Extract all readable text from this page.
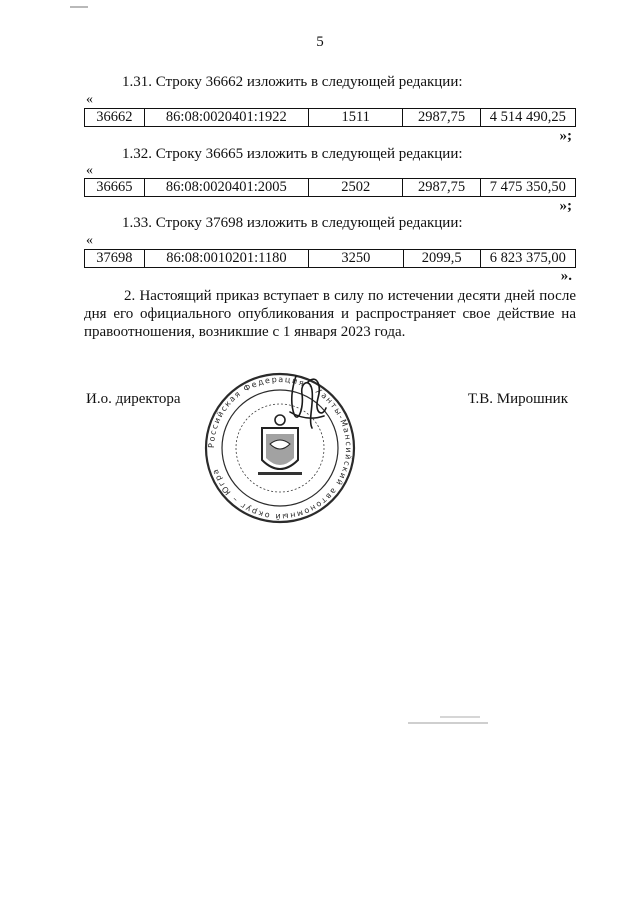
5
1.31. Строку 36662 изложить в следующей редакции:
«
36662	86:08:0020401:1922	1511	2987,75	4 514 490,25
»;
1.32. Строку 36665 изложить в следующей редакции:
«
36665	86:08:0020401:2005	2502	2987,75	7 475 350,50
»;
1.33. Строку 37698 изложить в следующей редакции:
«
37698	86:08:0010201:1180	3250	2099,5	6 823 375,00
».

2. Настоящий приказ вступает в силу по истечении десяти дней после дня его официального опубликования и распространяет свое действие на правоотношения, возникшие с 1 января 2023 года.

И.о. директора	Т.В. Мирошник
Российская Федерация · Ханты-Мансийский автономный округ – Югра
